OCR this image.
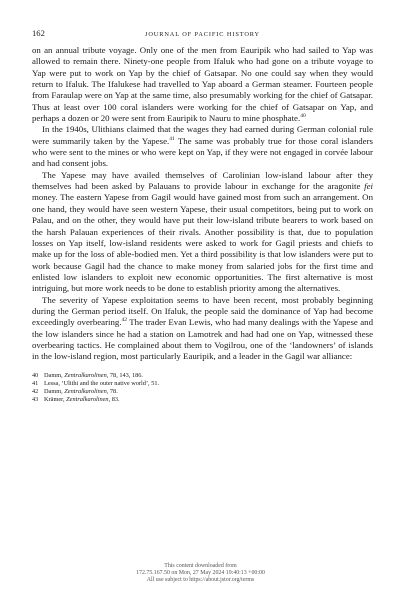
162	JOURNAL OF PACIFIC HISTORY

on an annual tribute voyage. Only one of the men from Eauripik who had sailed to Yap was allowed to remain there. Ninety-one people from Ifaluk who had gone on a tribute voyage to Yap were put to work on Yap by the chief of Gatsapar. No one could say when they would return to Ifaluk. The Ifalukese had travelled to Yap aboard a German steamer. Fourteen people from Faraulap were on Yap at the same time, also presumably working for the chief of Gatsapar. Thus at least over 100 coral islanders were working for the chief of Gatsapar on Yap, and perhaps a dozen or 20 were sent from Eauripik to Nauru to mine phosphate.$^{40}$

In the 1940s, Ulithians claimed that the wages they had earned during German colonial rule were summarily taken by the Yapese.$^{41}$ The same was probably true for those coral islanders who were sent to the mines or who were kept on Yap, if they were not engaged in corvée labour and had consent jobs.

The Yapese may have availed themselves of Carolinian low-island labour after they themselves had been asked by Palauans to provide labour in exchange for the aragonite fei money. The eastern Yapese from Gagil would have gained most from such an arrangement. On one hand, they would have seen western Yapese, their usual competitors, being put to work on Palau, and on the other, they would have put their low-island tribute bearers to work based on the harsh Palauan experiences of their rivals. Another possibility is that, due to population losses on Yap itself, low-island residents were asked to work for Gagil priests and chiefs to make up for the loss of able-bodied men. Yet a third possibility is that low islanders were put to work because Gagil had the chance to make money from salaried jobs for the first time and enlisted low islanders to exploit new economic opportunities. The first alternative is most intriguing, but more work needs to be done to establish priority among the alternatives.

The severity of Yapese exploitation seems to have been recent, most probably beginning during the German period itself. On Ifaluk, the people said the dominance of Yap had become exceedingly overbearing.$^{42}$ The trader Evan Lewis, who had many dealings with the Yapese and the low islanders since he had a station on Lamotrek and had had one on Yap, witnessed these overbearing tactics. He complained about them to Vogilrou, one of the ‘landowners’ of islands in the low-island region, most particularly Eauripik, and a leader in the Gagil war alliance:

40 Damm, Zentralkarolinen, 78, 143, 186.
41 Lessa, ‘Ulithi and the outer native world’, 51.
42 Damm, Zentralkarolinen, 78.
43 Krämer, Zentralkarolinen, 83.
This content downloaded from
172.75.167.50 on Mon, 27 May 2024 19:40:13 +00:00
All use subject to https://about.jstor.org/terms
